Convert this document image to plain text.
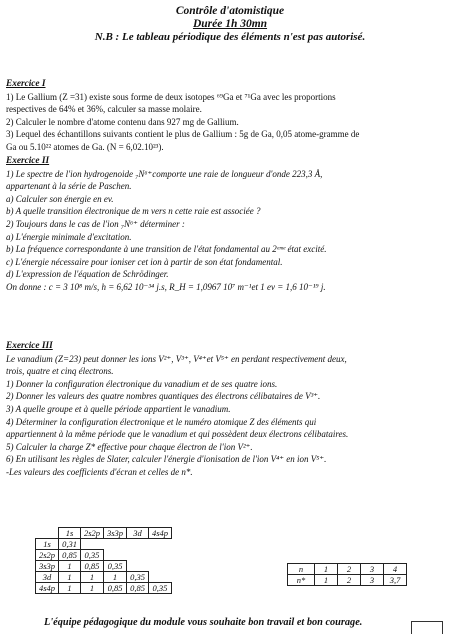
Contrôle d'atomistique
Durée 1h 30mn
N.B : Le tableau périodique des éléments n'est pas autorisé.

Exercice I

1) Le Gallium (Z =31) existe sous forme de deux isotopes ⁶⁹Ga et ⁷¹Ga avec les proportions

respectives de 64% et 36%, calculer sa masse molaire.

2) Calculer le nombre d'atome contenu dans 927 mg de Gallium.

3) Lequel des échantillons suivants contient le plus de Gallium : 5g de Ga, 0,05 atome-gramme de

Ga ou 5.10²² atomes de Ga. (N = 6,02.10²³).

Exercice II

1) Le spectre de l'ion hydrogenoide ₇N⁶⁺comporte une raie de longueur d'onde 223,3 Å,

appartenant à la série de Paschen.

a) Calculer son énergie en ev.

b) A quelle transition électronique de m vers n cette raie est associée ?

2) Toujours dans le cas de l'ion ₇N⁶⁺ déterminer :

a) L'énergie minimale d'excitation.

b) La fréquence correspondante à une transition de l'état fondamental au 2ᵉᵐᵉ état excité.

c) L'énergie nécessaire pour ioniser cet ion à partir de son état fondamental.

d) L'expression de l'équation de Schrödinger.

On donne : c = 3 10⁸ m/s, h = 6,62 10⁻³⁴ j.s, R_H = 1,0967 10⁷ m⁻¹et 1 ev = 1,6 10⁻¹⁹ j.

Exercice III

Le vanadium (Z=23) peut donner les ions V²⁺, V³⁺, V⁴⁺et V⁵⁺ en perdant respectivement deux,

trois, quatre et cinq électrons.

1) Donner la configuration électronique du vanadium et de ses quatre ions.

2) Donner les valeurs des quatre nombres quantiques des électrons célibataires de V³⁺.

3) A quelle groupe et à quelle période appartient le vanadium.

4) Déterminer la configuration électronique et le numéro atomique Z des éléments qui

appartiennent à la même période que le vanadium et qui possèdent deux électrons célibataires.

5) Calculer la charge Z* effective pour chaque électron de l'ion V²⁺.

6) En utilisant les règles de Slater, calculer l'énergie d'ionisation de l'ion V⁴⁺ en ion V⁵⁺.

-Les valeurs des coefficients d'écran et celles de n*.

	1s	2s2p	3s3p	3d	4s4p
1s	0,31				
2s2p	0,85	0,35			
3s3p	1	0,85	0,35		
3d	1	1	1	0,35	
4s4p	1	1	0,85	0,85	0,35
n	1	2	3	4
n*	1	2	3	3,7
L'équipe pédagogique du module vous souhaite bon travail et bon courage.
